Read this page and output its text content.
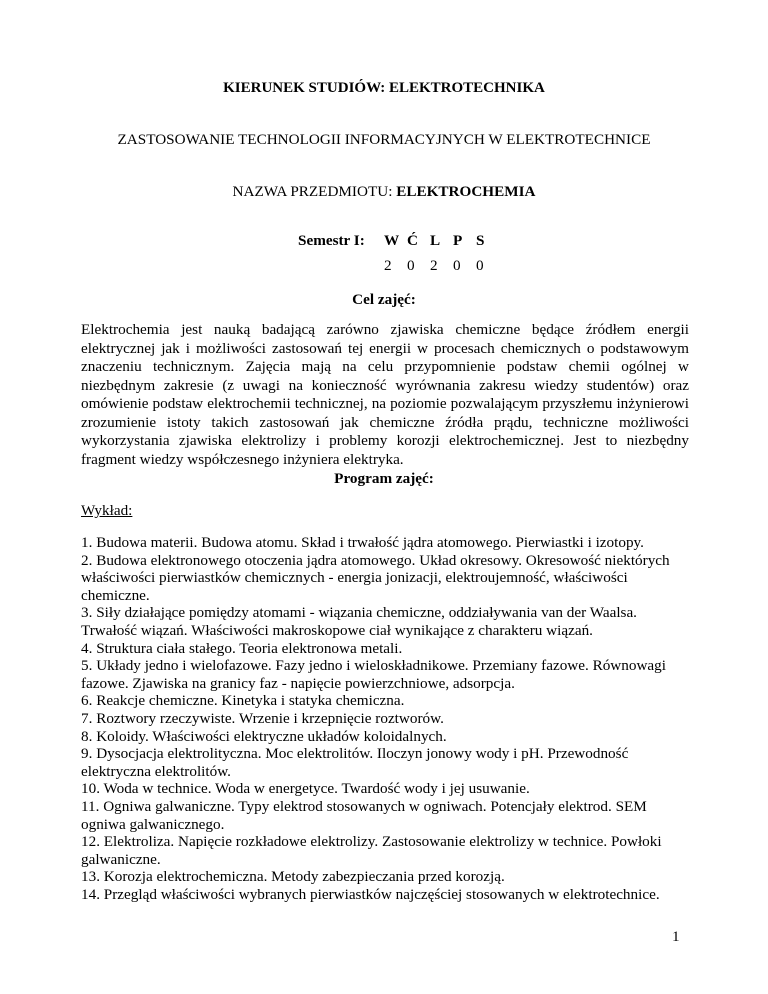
KIERUNEK STUDIÓW: ELEKTROTECHNIKA
ZASTOSOWANIE TECHNOLOGII INFORMACYJNYCH W ELEKTROTECHNICE
NAZWA PRZEDMIOTU: ELEKTROCHEMIA
Semestr I: W Ć L P S
2	0	2	0	0
Cel zajęć:

Elektrochemia jest nauką badającą zarówno zjawiska chemiczne będące źródłem energii elektrycznej jak i możliwości zastosowań tej energii w procesach chemicznych o podstawowym znaczeniu technicznym. Zajęcia mają na celu przypomnienie podstaw chemii ogólnej w niezbędnym zakresie (z uwagi na konieczność wyrównania zakresu wiedzy studentów) oraz omówienie podstaw elektrochemii technicznej, na poziomie pozwalającym przyszłemu inżynierowi zrozumienie istoty takich zastosowań jak chemiczne źródła prądu, techniczne możliwości wykorzystania zjawiska elektrolizy i problemy korozji elektrochemicznej. Jest to niezbędny fragment wiedzy współczesnego inżyniera elektryka.

Program zajęć:
Wykład:
1. Budowa materii. Budowa atomu. Skład i trwałość jądra atomowego. Pierwiastki i izotopy.
2. Budowa elektronowego otoczenia jądra atomowego. Układ okresowy. Okresowość niektórych właściwości pierwiastków chemicznych - energia jonizacji, elektroujemność, właściwości chemiczne.
3. Siły działające pomiędzy atomami - wiązania chemiczne, oddziaływania van der Waalsa. Trwałość wiązań. Właściwości makroskopowe ciał wynikające z charakteru wiązań.
4. Struktura ciała stałego. Teoria elektronowa metali.
5. Układy jedno i wielofazowe. Fazy jedno i wieloskładnikowe. Przemiany fazowe. Równowagi fazowe. Zjawiska na granicy faz - napięcie powierzchniowe, adsorpcja.
6. Reakcje chemiczne. Kinetyka i statyka chemiczna.
7. Roztwory rzeczywiste. Wrzenie i krzepnięcie roztworów.
8. Koloidy. Właściwości elektryczne układów koloidalnych.
9. Dysocjacja elektrolityczna. Moc elektrolitów. Iloczyn jonowy wody i pH. Przewodność elektryczna elektrolitów.
10. Woda w technice. Woda w energetyce. Twardość wody i jej usuwanie.
11. Ogniwa galwaniczne. Typy elektrod stosowanych w ogniwach. Potencjały elektrod. SEM ogniwa galwanicznego.
12. Elektroliza. Napięcie rozkładowe elektrolizy. Zastosowanie elektrolizy w technice. Powłoki galwaniczne.
13. Korozja elektrochemiczna. Metody zabezpieczania przed korozją.
14. Przegląd właściwości wybranych pierwiastków najczęściej stosowanych w elektrotechnice.
1
